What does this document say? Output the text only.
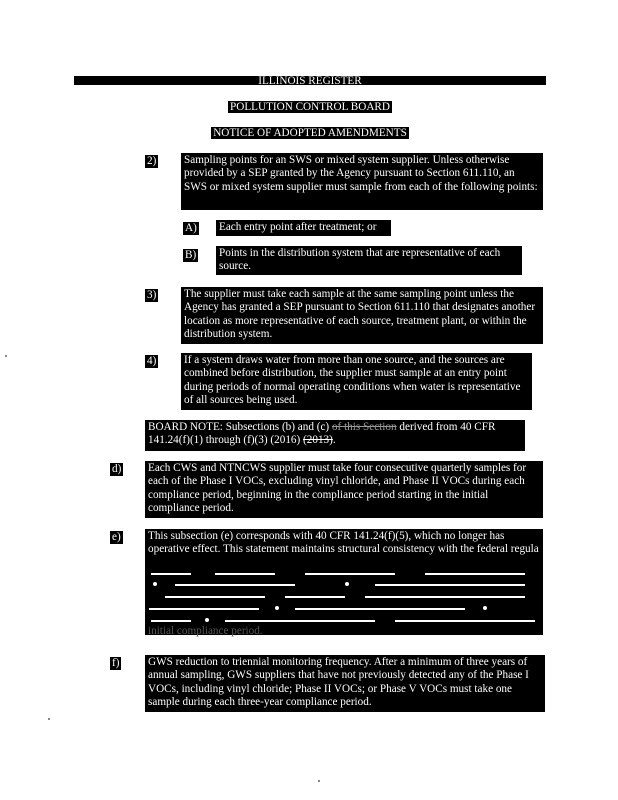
ILLINOIS REGISTER
POLLUTION CONTROL BOARD
NOTICE OF ADOPTED AMENDMENTS
2) Sampling points for an SWS or mixed system supplier. Unless otherwise provided by a SEP granted by the Agency pursuant to Section 611.110, an SWS or mixed system supplier must sample from each of the following points:
A) Each entry point after treatment; or
B) Points in the distribution system that are representative of each source.
3) The supplier must take each sample at the same sampling point unless the Agency has granted a SEP pursuant to Section 611.110 that designates another location as more representative of each source, treatment plant, or within the distribution system.
4) If a system draws water from more than one source, and the sources are combined before distribution, the supplier must sample at an entry point during periods of normal operating conditions when water is representative of all sources being used.
BOARD NOTE: Subsections (b) and (c) of this Section derived from 40 CFR 141.24(f)(1) through (f)(3) (2016) (2013).
d) Each CWS and NTNCWS supplier must take four consecutive quarterly samples for each of the Phase I VOCs, excluding vinyl chloride, and Phase II VOCs during each compliance period, beginning in the compliance period starting in the initial compliance period.
e) This subsection (e) corresponds with 40 CFR 141.24(f)(5), which no longer has operative effect. This statement maintains structural consistency with the federal regula
initial compliance period.
f)	GWS reduction to triennial monitoring frequency. After a minimum of three years of annual sampling, GWS suppliers that have not previously detected any of the Phase I VOCs, including vinyl chloride; Phase II VOCs; or Phase V VOCs must take one sample during each three-year compliance period.
